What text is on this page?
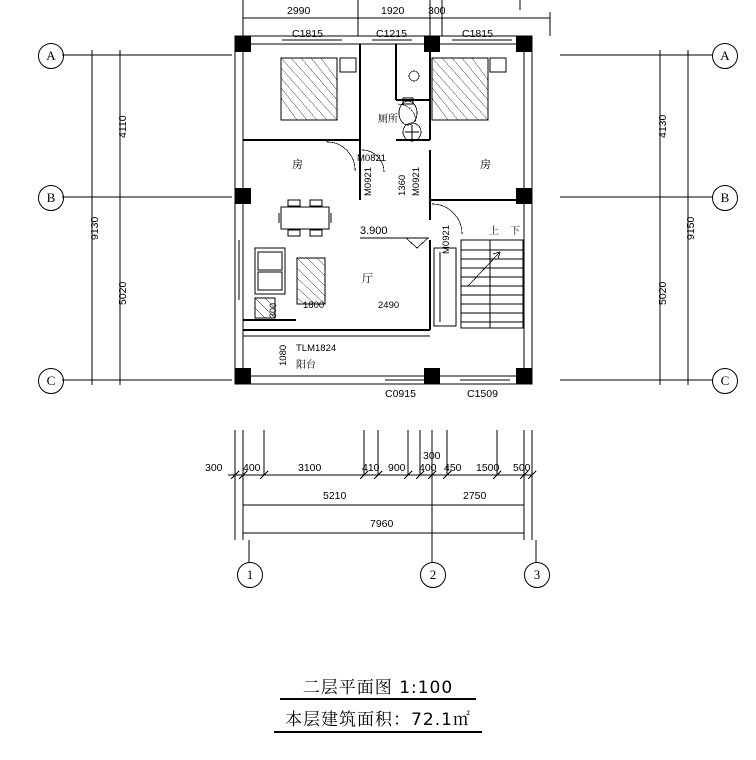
2990	1920 300
C1815	C1215	C1815
C0915	C1509
A
B
C
A
B
C
1	2	3
4110
5020
9130
4130
5020
9150
房	房
厕所
厅
阳台
M0821
M0921	M0921
M0921
TLM1824
1360
1080
1800	2490
300
3.900	上 下
300 400	3100	410 900
300
400 450 1500 500
5210	2750
7960
二层平面图 1:100
本层建筑面积：72.1㎡
